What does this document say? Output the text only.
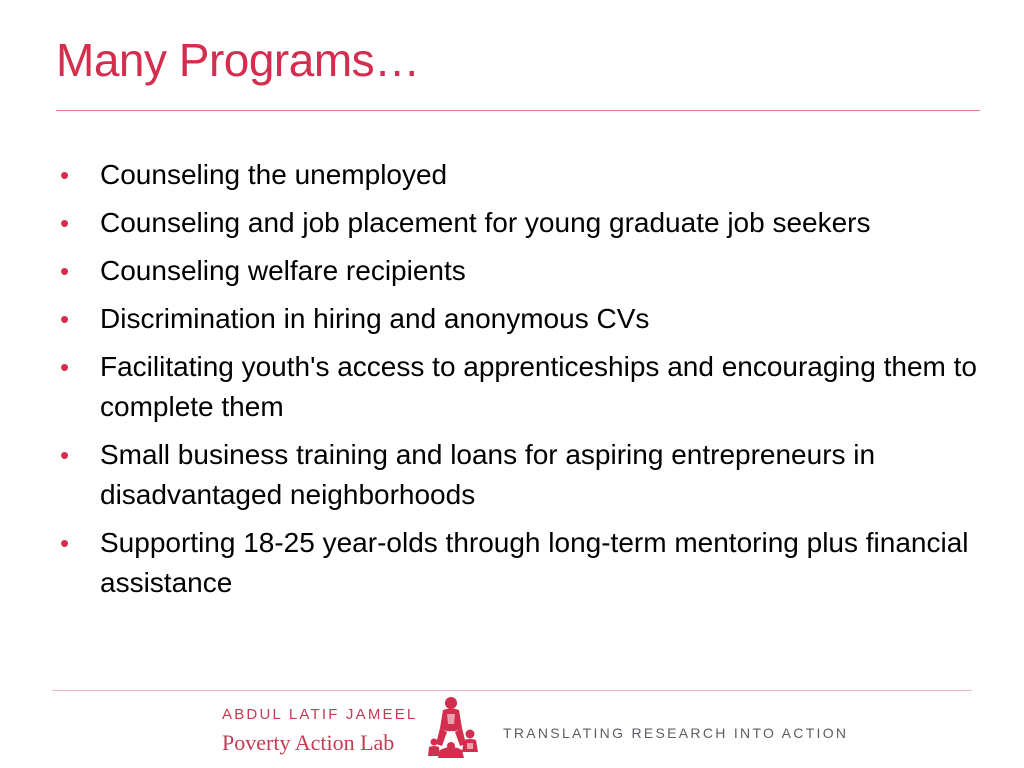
Many Programs…
• Counseling the unemployed
• Counseling and job placement for young graduate job seekers
• Counseling welfare recipients
• Discrimination in hiring and anonymous CVs
• Facilitating youth's access to apprenticeships and encouraging them to complete them
• Small business training and loans for aspiring entrepreneurs in disadvantaged neighborhoods
• Supporting 18-25 year-olds through long-term mentoring plus financial assistance
ABDUL LATIF JAMEEL
Poverty Action Lab	TRANSLATING RESEARCH INTO ACTION
